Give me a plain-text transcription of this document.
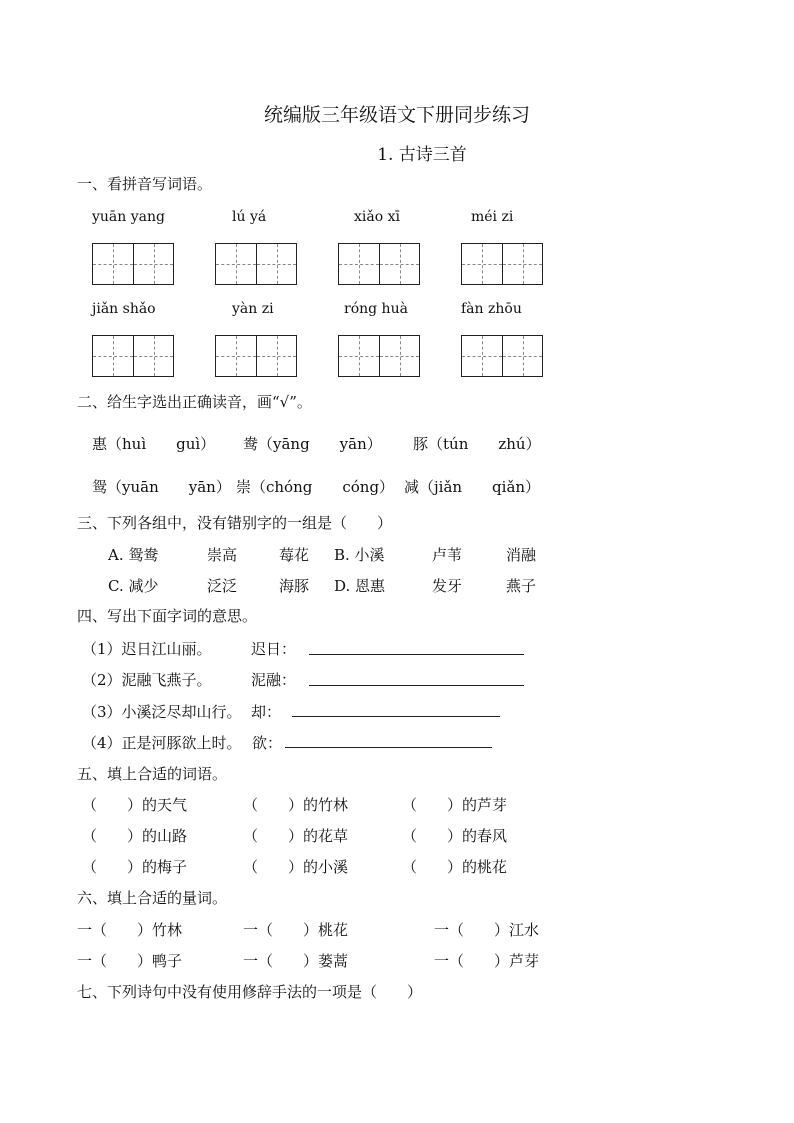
统编版三年级语文下册同步练习
1. 古诗三首
一、看拼音写词语。
yuān yang	lú yá	xiǎo xī	méi zi
jiǎn shǎo	yàn zi	róng huà	fàn zhōu
二、给生字选出正确读音，画“√”。
惠（huì　　guì） 鸯（yāng　　yān） 豚（tún　　zhú）
鸳（yuān　　yān） 崇（chóng　　cóng） 减（jiǎn　　qiǎn）
三、下列各组中，没有错别字的一组是（　　）
A. 鸳鸯	崇高	莓花 B. 小溪	卢苇	消融
C. 减少	泛泛	海豚 D. 恩惠	发牙	燕子
四、写出下面字词的意思。
（1）迟日江山丽。	迟日：
（2）泥融飞燕子。	泥融：
（3）小溪泛尽却山行。 却：
（4）正是河豚欲上时。 欲：
五、填上合适的词语。
（　　）的天气	（　　）的竹林	（　　）的芦芽
（　　）的山路	（　　）的花草	（　　）的春风
（　　）的梅子	（　　）的小溪	（　　）的桃花
六、填上合适的量词。
一（　　）竹林	一（　　）桃花	一（　　）江水
一（　　）鸭子	一（　　）蒌蒿	一（　　）芦芽
七、下列诗句中没有使用修辞手法的一项是（　　）
